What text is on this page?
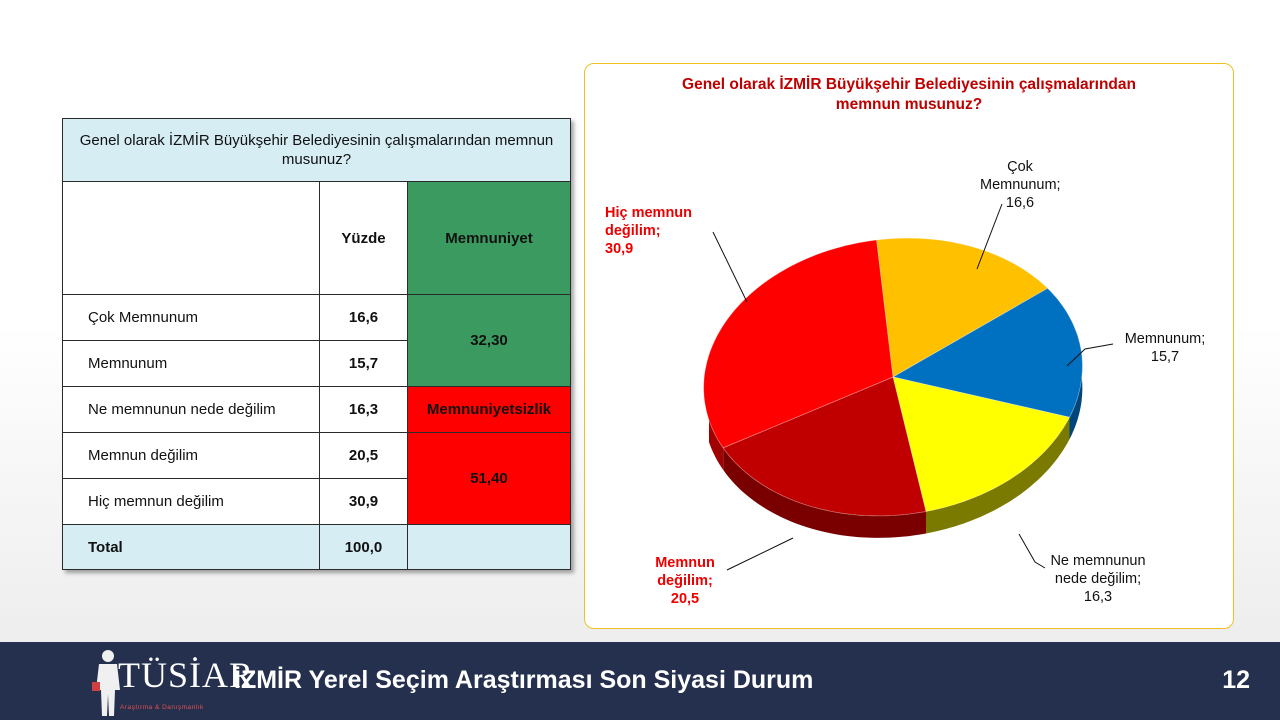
Genel olarak İZMİR Büyükşehir Belediyesinin çalışmalarından memnun musunuz?		
	Yüzde	Memnuniyet
Çok Memnunum	16,6	32,30
Memnunum	15,7	
Ne memnunun nede değilim	16,3	Memnuniyetsizlik
Memnun değilim	20,5	51,40
Hiç memnun değilim	30,9	
Total	100,0	
Genel olarak İZMİR Büyükşehir Belediyesinin çalışmalarından memnun musunuz?
Çok Memnunum;
16,6
Memnunum;
15,7
Ne memnunun nede değilim;
16,3
Memnun değilim;
20,5
Hiç memnun değilim; 30,9
TÜSİAR
Araştırma & Danışmanlık
İZMİR Yerel Seçim Araştırması Son Siyasi Durum	12
